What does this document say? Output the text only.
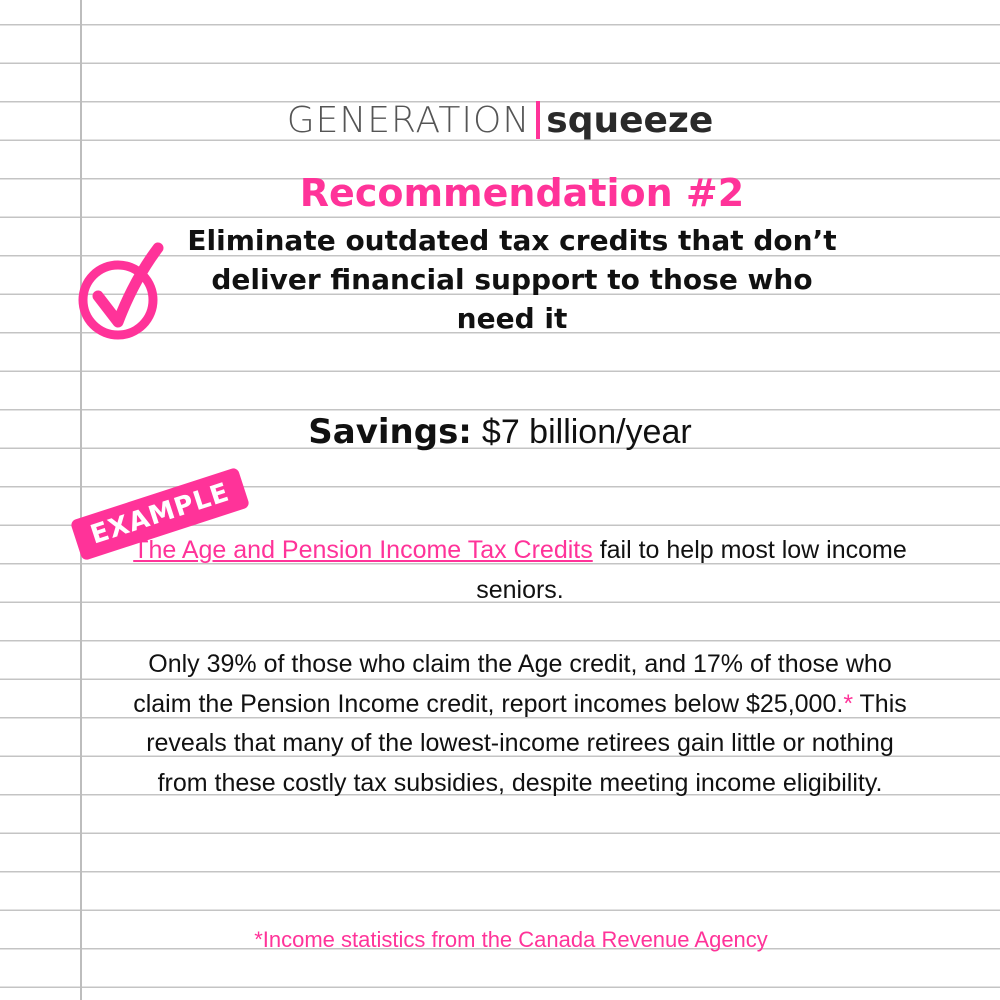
GENERATION squeeze
Recommendation #2
Eliminate outdated tax credits that don’t deliver financial support to those who need it
Savings: $7 billion/year
EXAMPLE
The Age and Pension Income Tax Credits fail to help most low income seniors.
Only 39% of those who claim the Age credit, and 17% of those who claim the Pension Income credit, report incomes below $25,000.* This reveals that many of the lowest-income retirees gain little or nothing from these costly tax subsidies, despite meeting income eligibility.
*Income statistics from the Canada Revenue Agency
